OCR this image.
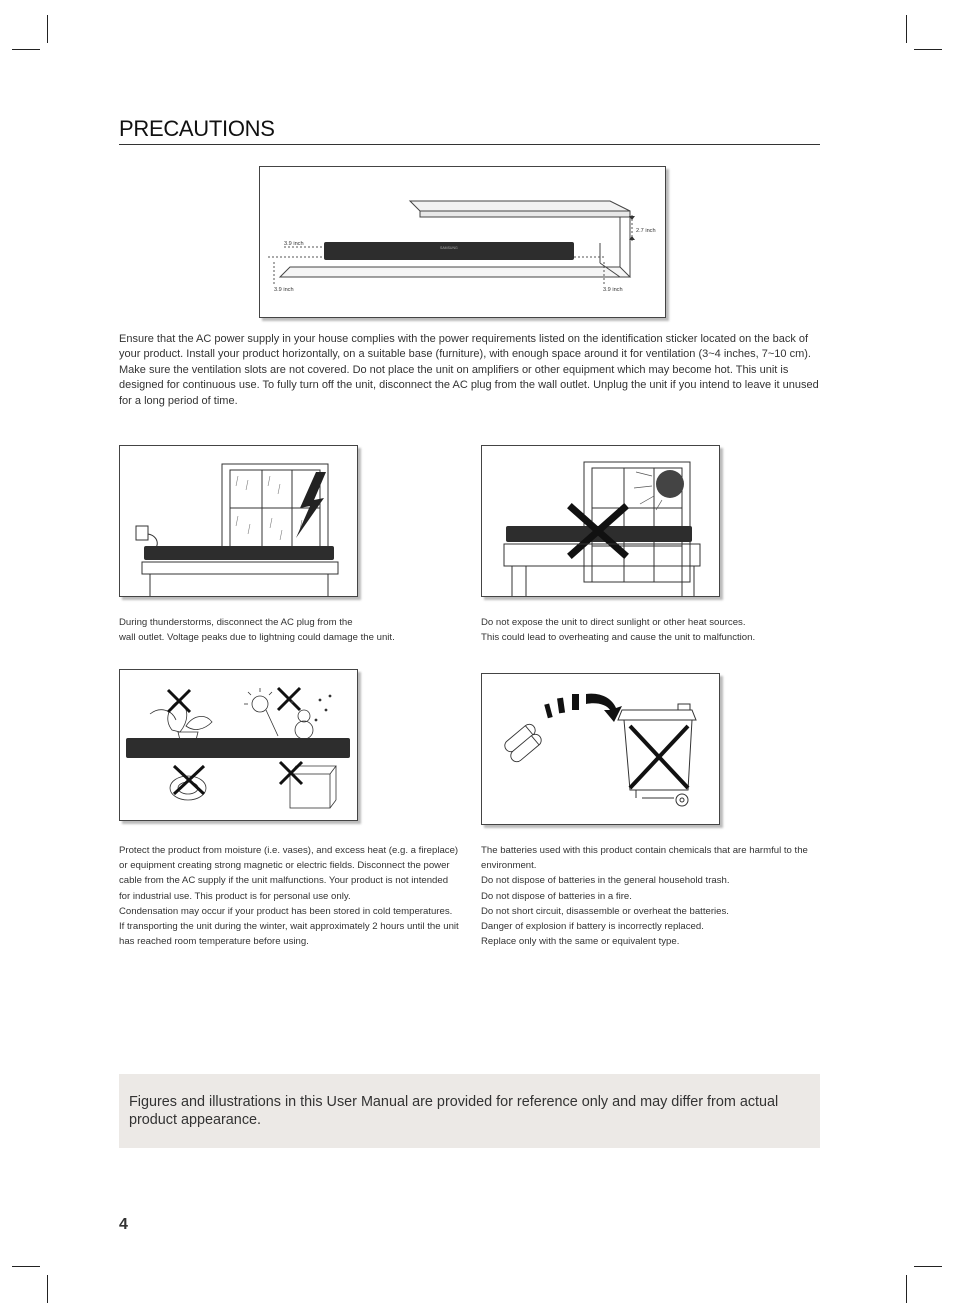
PRECAUTIONS
SAMSUNG
3.9 inch
2.7 inch
3.9 inch	3.9 inch

Ensure that the AC power supply in your house complies with the power requirements listed on the identification sticker located on the back of your product. Install your product horizontally, on a suitable base (furniture), with enough space around it for ventilation (3~4 inches, 7~10 cm). Make sure the ventilation slots are not covered. Do not place the unit on amplifiers or other equipment which may become hot. This unit is designed for continuous use. To fully turn off the unit, disconnect the AC plug from the wall outlet. Unplug the unit if you intend to leave it unused for a long period of time.

During thunderstorms, disconnect the AC plug from the

wall outlet. Voltage peaks due to lightning could damage the unit.

Do not expose the unit to direct sunlight or other heat sources.

This could lead to overheating and cause the unit to malfunction.

Protect the product from moisture (i.e. vases), and excess heat (e.g. a fireplace) or equipment creating strong magnetic or electric fields. Disconnect the power cable from the AC supply if the unit malfunctions. Your product is not intended for industrial use. This product is for personal use only.

Condensation may occur if your product has been stored in cold temperatures. If transporting the unit during the winter, wait approximately 2 hours until the unit has reached room temperature before using.

The batteries used with this product contain chemicals that are harmful to the environment.

Do not dispose of batteries in the general household trash.

Do not dispose of batteries in a fire.

Do not short circuit, disassemble or overheat the batteries.

Danger of explosion if battery is incorrectly replaced.

Replace only with the same or equivalent type.

Figures and illustrations in this User Manual are provided for reference only and may differ from actual product appearance.
4
